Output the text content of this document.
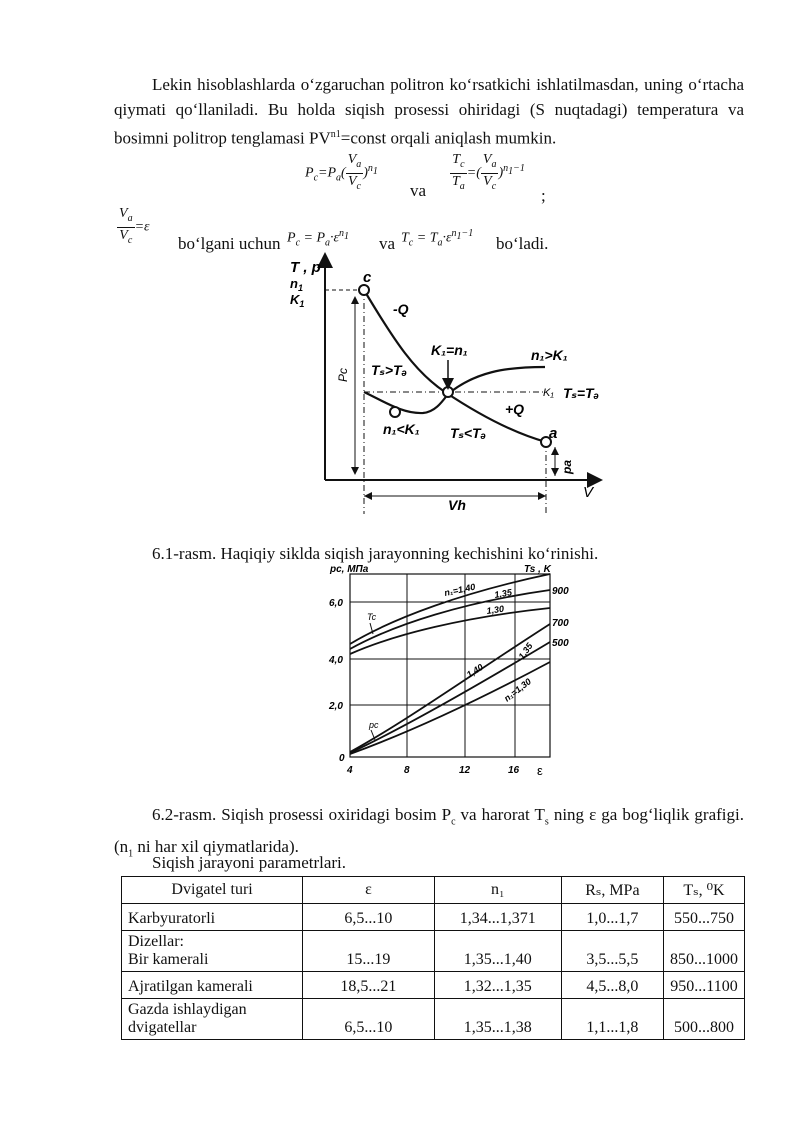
Lekin hisoblashlarda o‘zgaruchan politron ko‘rsatkichi ishlatilmasdan, uning o‘rtacha qiymati qo‘llaniladi. Bu holda siqish prosessi ohiridagi (S nuqtadagi) temperatura va bosimni politrop tenglamasi $PV^{n1}=const$ orqali aniqlash mumkin.

$P_c=P_a( \frac{V_a}{V_c} )^{n_1}$
va $\frac{T_c}{T_a}$ =( $\frac{V_a}{V_c} )^{n_1-1}$
;
$\frac{V_a}{V_c} =\varepsilon$
bo‘lgani uchun $P_c = P_a\cdot\varepsilon^{n_1}$ va $T_c = T_a\cdot\varepsilon^{n_1-1}$
bo‘ladi.
T , p
$n_1$
$K_1$
Pc
c
a
-Q
+Q
K₁=n₁	n₁>K₁
n₁<K₁
Tₛ>Tₔ
Tₛ<Tₔ
K₁ Tₛ=Tₔ
pa
Vh
V

6.1-rasm. Haqiqiy siklda siqish jarayonning kechishini ko‘rinishi.

pc, МПа	Ts , K
6,0
4,0
2,0
0
900
700
500
4	8	12	16 ε
n₁=1,40 1,35
1,30
Tc
1,40
1,35
n₁=1,30
pc

6.2-rasm. Siqish prosessi oxiridagi bosim $P_c$ va harorat $T_s$ ning ε ga bog‘liqlik grafigi. ($n_1$ ni har xil qiymatlarida).

Siqish jarayoni parametrlari.

Dvigatel turi	ε	n₁	Rₛ, MPa	Tₛ, ⁰K
Karbyuratorli	6,5...10	1,34...1,371	1,0...1,7	550...750

Dizellar:
Bir kamerali	15...19	1,35...1,40	3,5...5,5	850...1000
Ajratilgan kamerali	18,5...21	1,32...1,35	4,5...8,0	950...1100

Gazda ishlaydigan
dvigatellar	6,5...10	1,35...1,38	1,1...1,8	500...800
